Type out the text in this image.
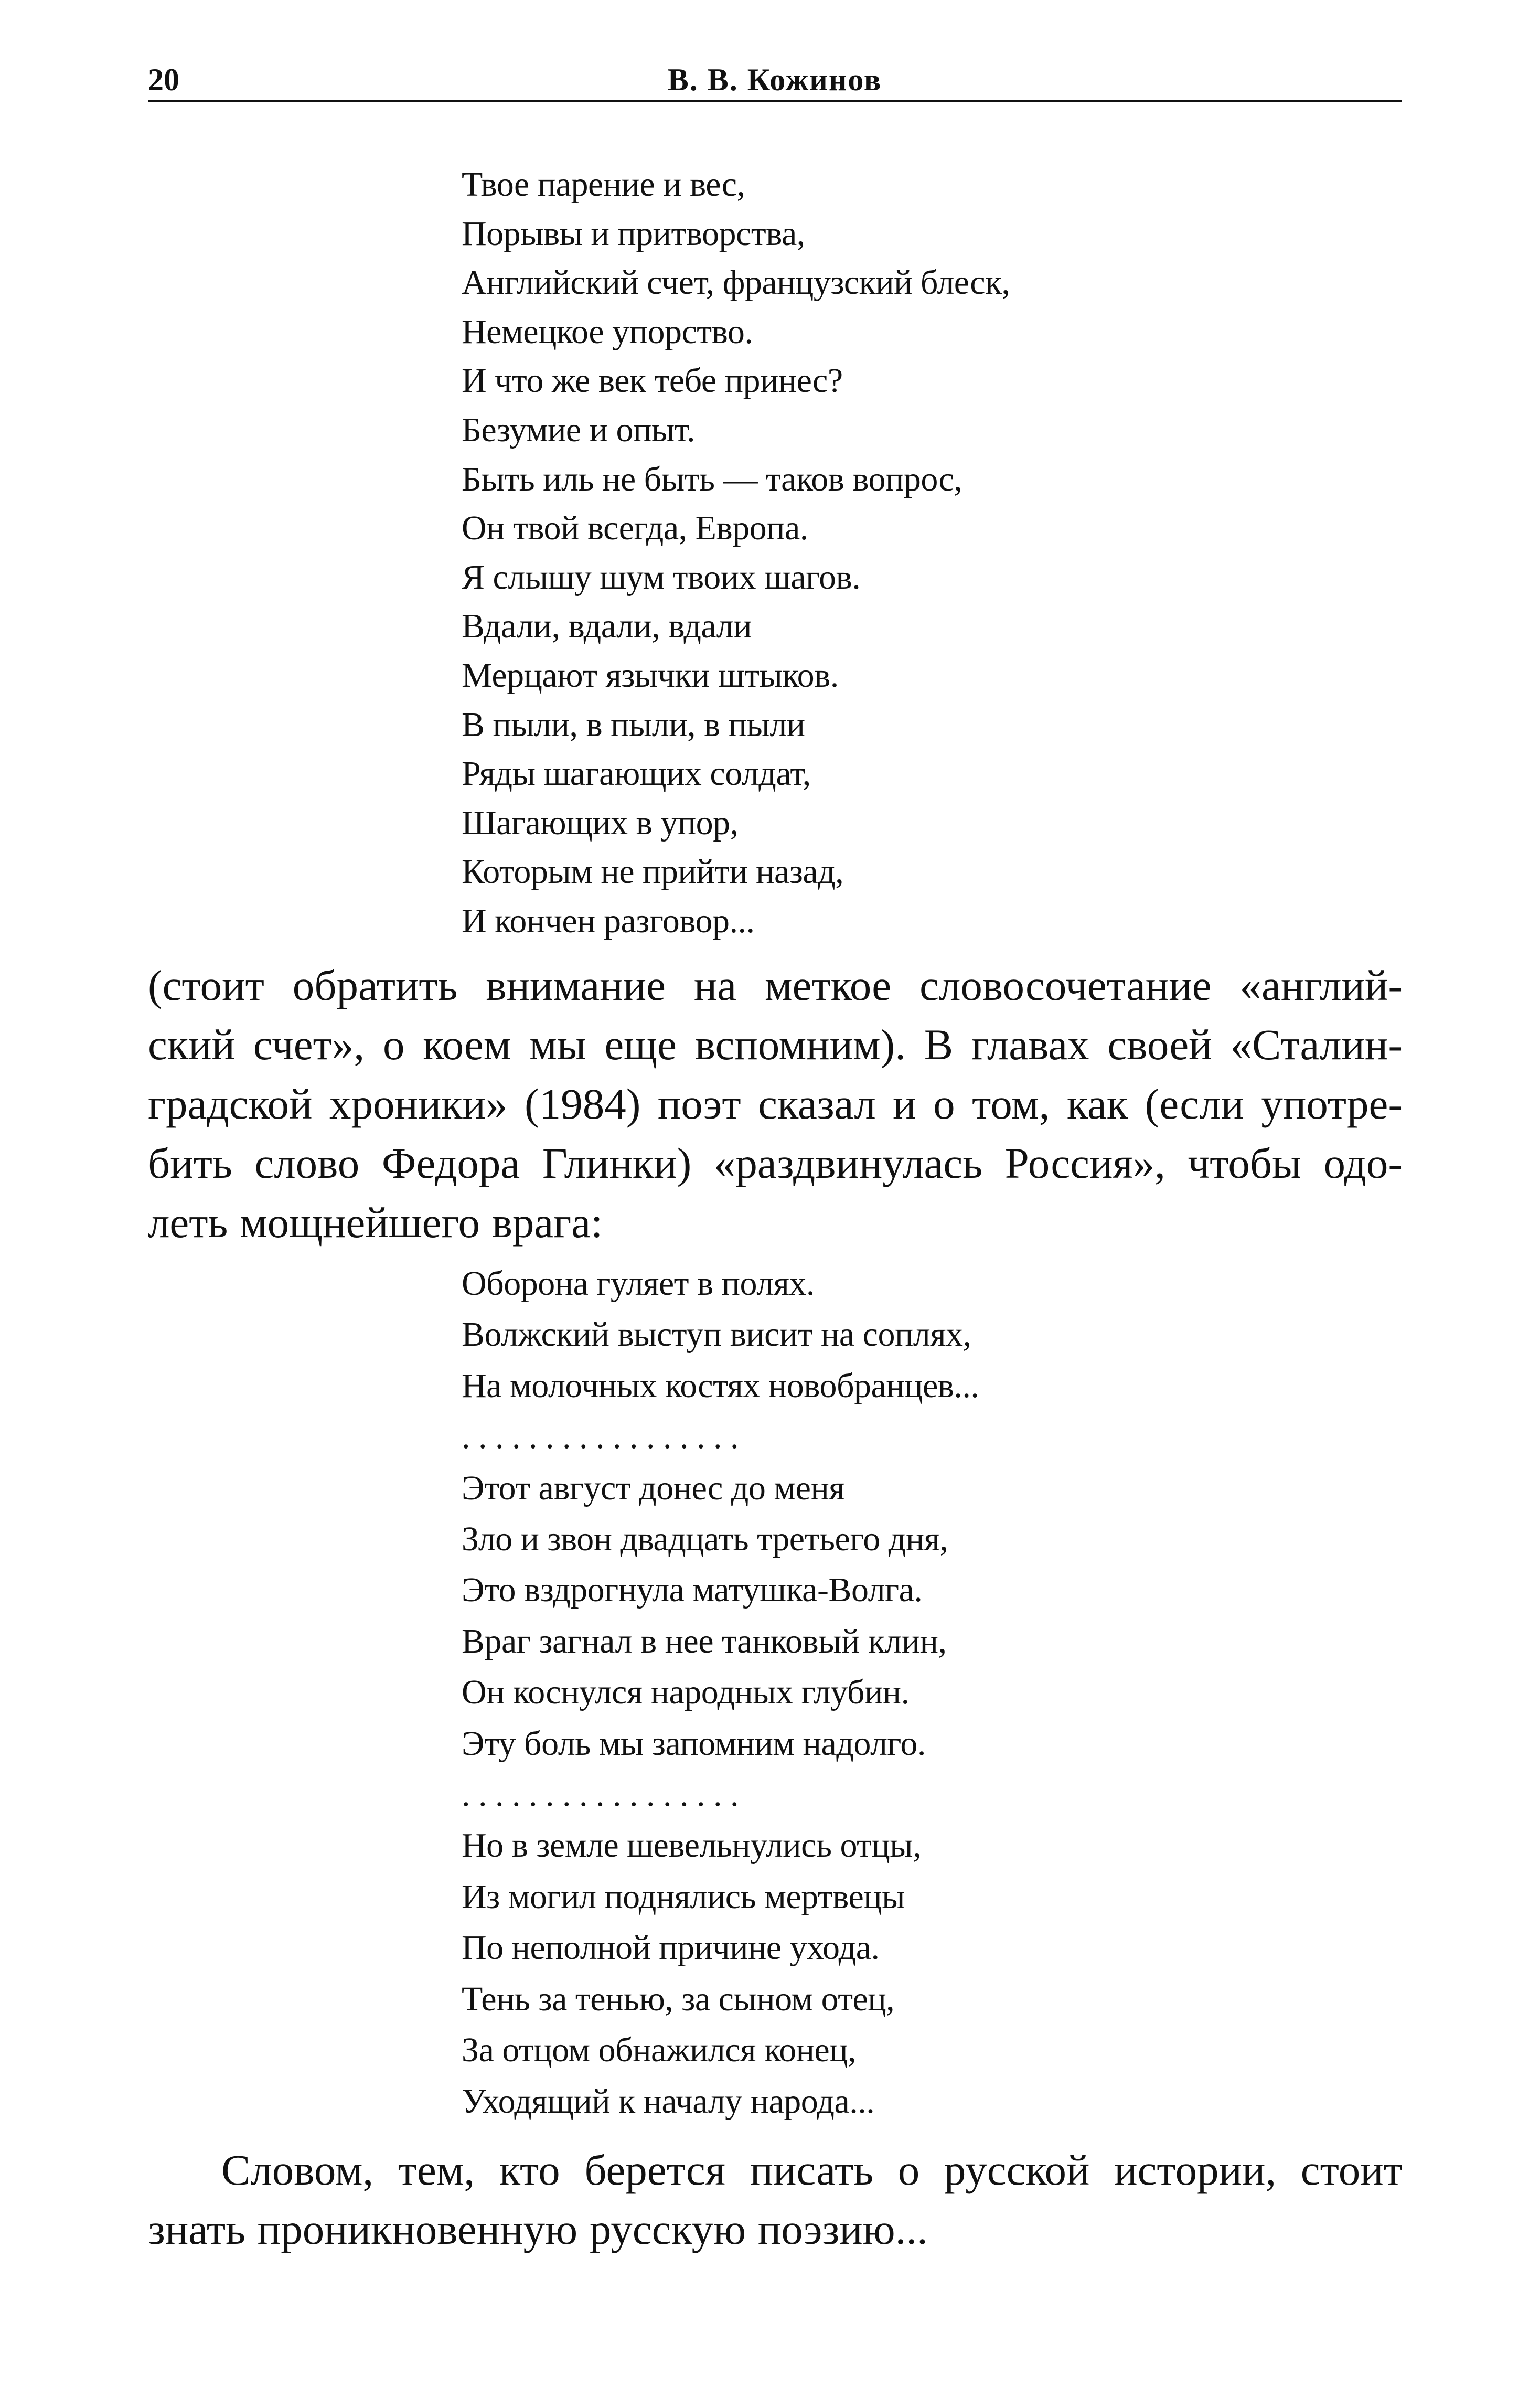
20	В. В. Кожинов
Твое парение и вес,
Порывы и притворства,
Английский счет, французский блеск,
Немецкое упорство.
И что же век тебе принес?
Безумие и опыт.
Быть иль не быть — таков вопрос,
Он твой всегда, Европа.
Я слышу шум твоих шагов.
Вдали, вдали, вдали
Мерцают язычки штыков.
В пыли, в пыли, в пыли
Ряды шагающих солдат,
Шагающих в упор,
Которым не прийти назад,
И кончен разговор...

(стоит обратить внимание на меткое словосочетание «англий-
ский счет», о коем мы еще вспомним). В главах своей «Сталин-
градской хроники» (1984) поэт сказал и о том, как (если употре-
бить слово Федора Глинки) «раздвинулась Россия», чтобы одо-
леть мощнейшего врага:

Оборона гуляет в полях.
Волжский выступ висит на соплях,
На молочных костях новобранцев...
. . . . . . . . . . . . . . . . .
Этот август донес до меня
Зло и звон двадцать третьего дня,
Это вздрогнула матушка-Волга.
Враг загнал в нее танковый клин,
Он коснулся народных глубин.
Эту боль мы запомним надолго.
. . . . . . . . . . . . . . . . .
Но в земле шевельнулись отцы,
Из могил поднялись мертвецы
По неполной причине ухода.
Тень за тенью, за сыном отец,
За отцом обнажился конец,
Уходящий к началу народа...

Словом, тем, кто берется писать о русской истории, стоит
знать проникновенную русскую поэзию...
